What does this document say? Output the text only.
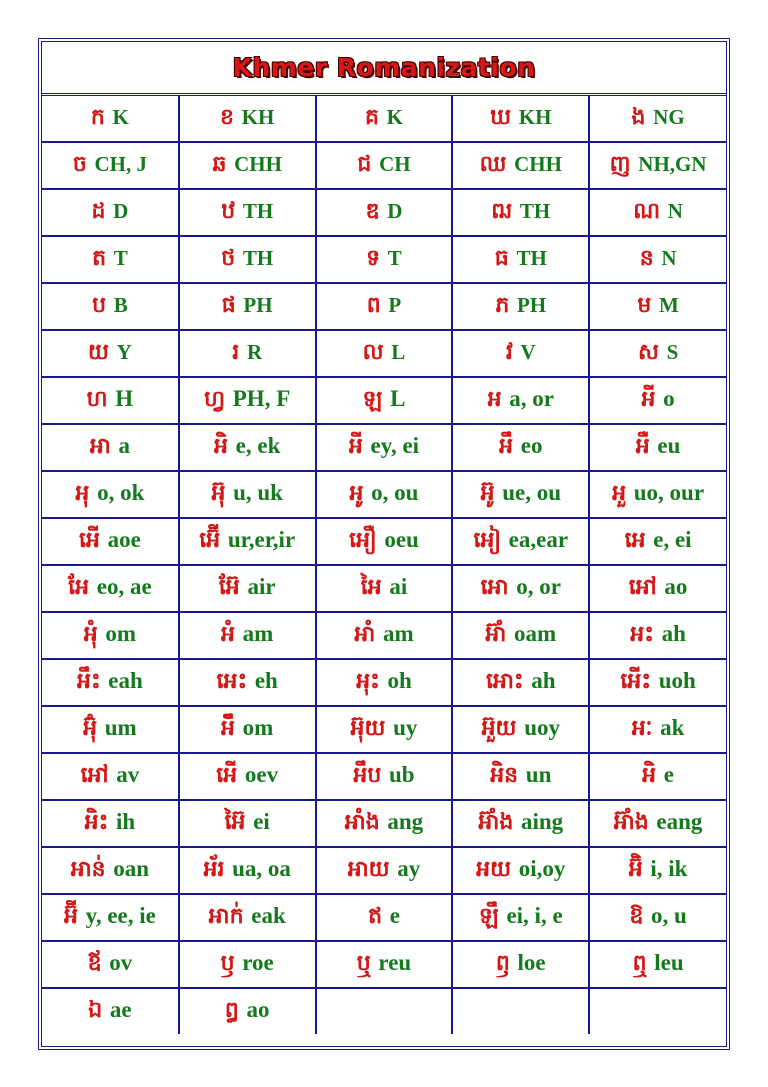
Khmer Romanization
ក K	ខ KH	គ K	ឃ KH	ង NG
ច CH, J	ឆ CHH	ជ CH	ឈ CHH	ញ NH,GN
ដ D	ឋ TH	ឌ D	ឍ TH	ណ N
ត T	ថ TH	ទ T	ធ TH	ន N
ប B	ផ PH	ព P	ភ PH	ម M
យ Y	រ R	ល L	វ V	ស S
ហ H	ហ្វ PH, F	ឡ L	អ a, or	អី o
អា a	អិ e, ek	អី ey, ei	អឹ eo	អឺ eu
អុ o, ok	អ៊ុ u, uk	អូ o, ou	អ៊ូ ue, ou	អួ uo, our
អើ aoe	អ៊ើ ur,er,ir	អឿ oeu	អៀ ea,ear	អេ e, ei
អែ eo, ae	អ៊ែ air	អៃ ai	អោ o, or	អៅ ao
អុំ om	អំ am	អាំ am	អ៊ាំ oam	អះ ah
អឹះ eah	អេះ eh	អុះ oh	អោះ ah	អើះ uoh
អ៊ុំ um	អឹំ om	អ៊ុយ uy	អ៊ួយ uoy	អៈ ak
អៅ av	អើ oev	អឹប ub	អិន un	អិ e
អិះ ih	អ៊ៃ ei	អាំង ang	អ៊ាំង aing	អ៊ាំង eang
អាន់ oan	អ័រ ua, oa	អាយ ay	អយ oi,oy	អ៊ិ i, ik
អ៊ី y, ee, ie	អាក់ eak	ឥ e	ឡឹ ei, i, e	ឱ o, u
ឪ ov	ឫ roe	ឬ reu	ឭ loe	ឮ leu
ឯ ae	ឰ ao			
